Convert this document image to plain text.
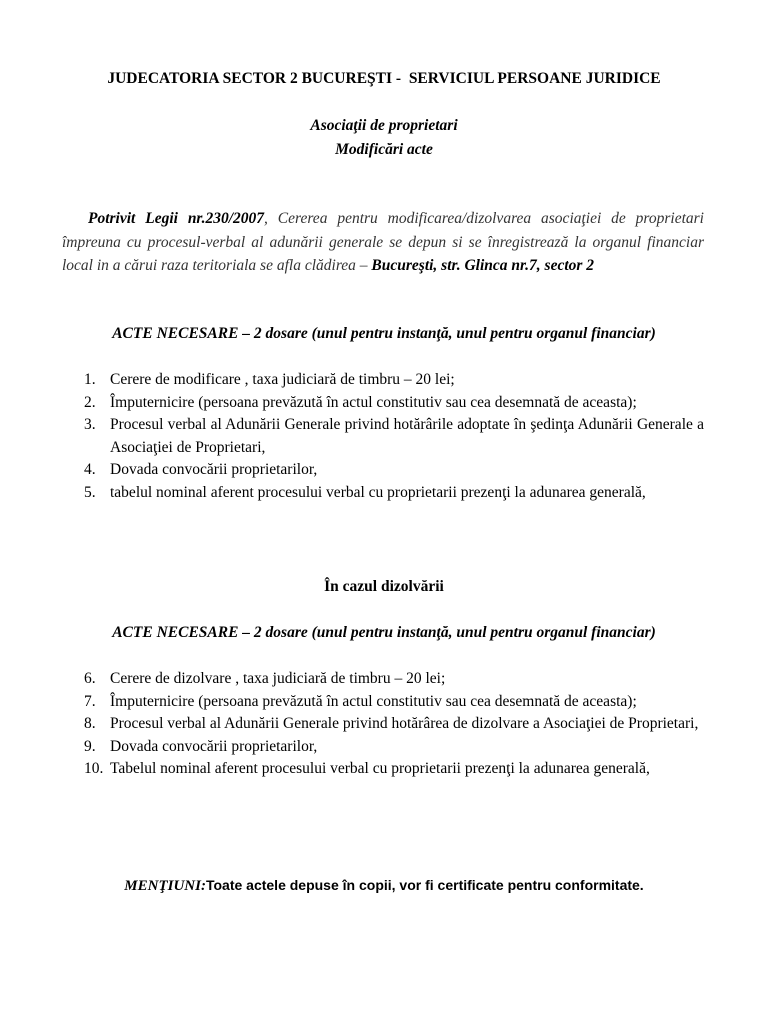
JUDECATORIA SECTOR 2 BUCUREŞTI -  SERVICIUL PERSOANE JURIDICE
Asociaţii de proprietari
Modificări acte

Potrivit Legii nr.230/2007, Cererea pentru modificarea/dizolvarea asociaţiei de proprietari împreuna cu procesul-verbal al adunării generale se depun si se înregistrează la organul financiar local in a cărui raza teritoriala se afla clădirea – Bucureşti, str. Glinca nr.7, sector 2

ACTE NECESARE – 2 dosare (unul pentru instanţă, unul pentru organul financiar)
1. Cerere de modificare , taxa judiciară de timbru – 20 lei;
2. Împuternicire (persoana prevăzută în actul constitutiv sau cea desemnată de aceasta);
3. Procesul verbal al Adunării Generale privind hotărârile adoptate în şedinţa Adunării Generale a Asociaţiei de Proprietari,
4. Dovada convocării proprietarilor,
5. tabelul nominal aferent procesului verbal cu proprietarii prezenţi la adunarea generală,
În cazul dizolvării
ACTE NECESARE – 2 dosare (unul pentru instanţă, unul pentru organul financiar)
6. Cerere de dizolvare , taxa judiciară de timbru – 20 lei;
7. Împuternicire (persoana prevăzută în actul constitutiv sau cea desemnată de aceasta);
8. Procesul verbal al Adunării Generale privind hotărârea de dizolvare a Asociaţiei de Proprietari,
9. Dovada convocării proprietarilor,
10. Tabelul nominal aferent procesului verbal cu proprietarii prezenţi la adunarea generală,
MENŢIUNI:Toate actele depuse în copii, vor fi certificate pentru conformitate.
